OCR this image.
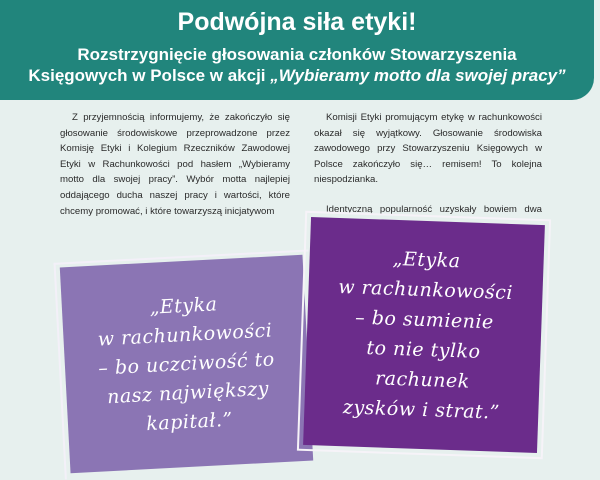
Podwójna siła etyki!
Rozstrzygnięcie głosowania członków Stowarzyszenia
Księgowych w Polsce w akcji „Wybieramy motto dla swojej pracy”

Z przyjemnością informujemy, że zakończyło się głosowanie środowiskowe przeprowadzone przez Komisję Etyki i Kolegium Rzeczników Zawodowej Etyki w Rachunkowości pod hasłem „Wybieramy motto dla swojej pracy”. Wybór motta najlepiej oddającego ducha naszej pracy i wartości, które chcemy promować, i które towarzyszą inicjatywom

Komisji Etyki promującym etykę w rachunkowości okazał się wyjątkowy. Głosowanie środowiska zawodowego przy Stowarzyszeniu Księgowych w Polsce zakończyło się… remisem! To kolejna niespodzianka.

Identyczną popularność uzyskały bowiem dwa

„Etyka
w rachunkowości
– bo uczciwość to
nasz największy
kapitał.”
„Etyka
w rachunkowości
– bo sumienie
to nie tylko
rachunek
zysków i strat.”
